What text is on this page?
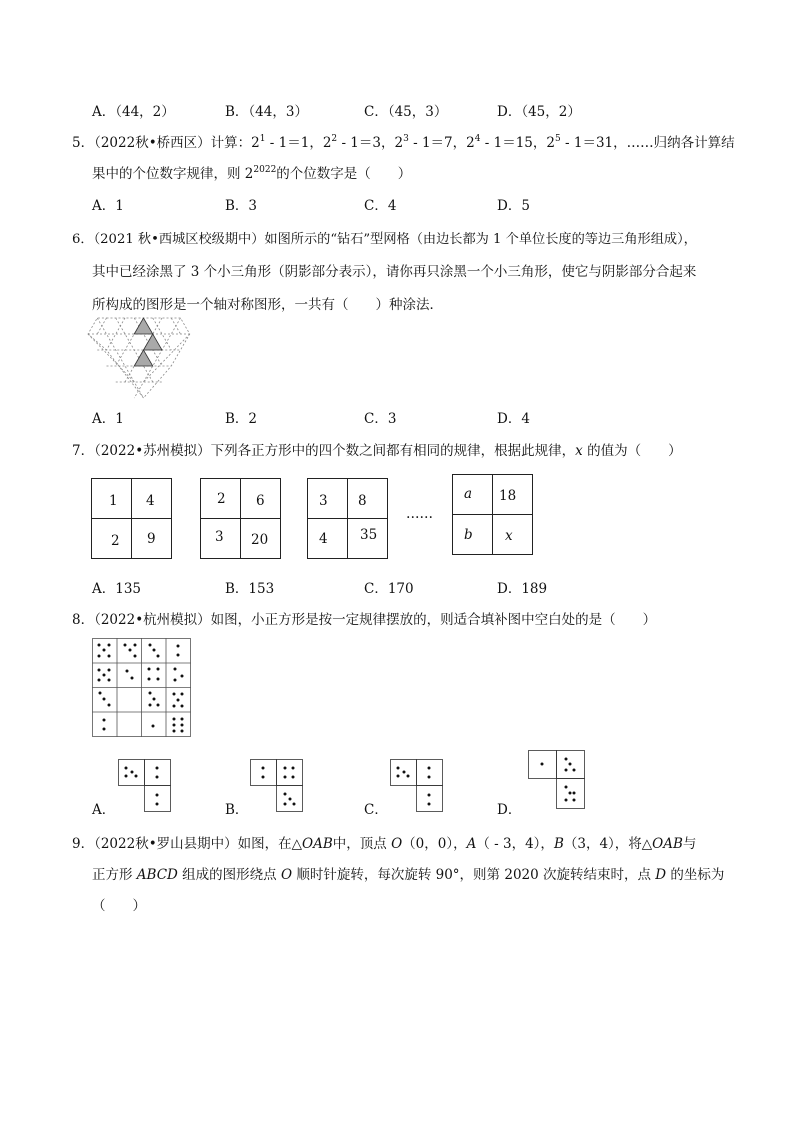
A．（44，2）	B．（44，3）	C．（45，3）	D．（45，2）
5．（2022秋•桥西区）计算：$2^1 - 1=1$，$2^2 - 1=3$，$2^3 - 1=7$，$2^4 - 1=15$，$2^5 - 1=31$，……归纳各计算结
果中的个位数字规律，则 $2^{2022}$的个位数字是（　　）
A．1	B．3	C．4	D．5
6．（2021 秋•西城区校级期中）如图所示的“钻石”型网格（由边长都为 1 个单位长度的等边三角形组成），
其中已经涂黑了 3 个小三角形（阴影部分表示），请你再只涂黑一个小三角形，使它与阴影部分合起来
所构成的图形是一个轴对称图形，一共有（　　）种涂法．
A．1	B．2	C．3	D．4
7．（2022•苏州模拟）下列各正方形中的四个数之间都有相同的规律，根据此规律，x 的值为（　　）
1 4
2 9
2 6
3 20
3 8
4 35
……
a 18
b x
A．135	B．153	C．170	D．189
8．（2022•杭州模拟）如图，小正方形是按一定规律摆放的，则适合填补图中空白处的是（　　）
A．	B．	C．	D．
9．（2022秋•罗山县期中）如图，在△OAB中，顶点 O（0，0），A（ - 3，4），B（3，4），将△OAB与
正方形 ABCD 组成的图形绕点 O 顺时针旋转，每次旋转 90°，则第 2020 次旋转结束时，点 D 的坐标为
（　　）
